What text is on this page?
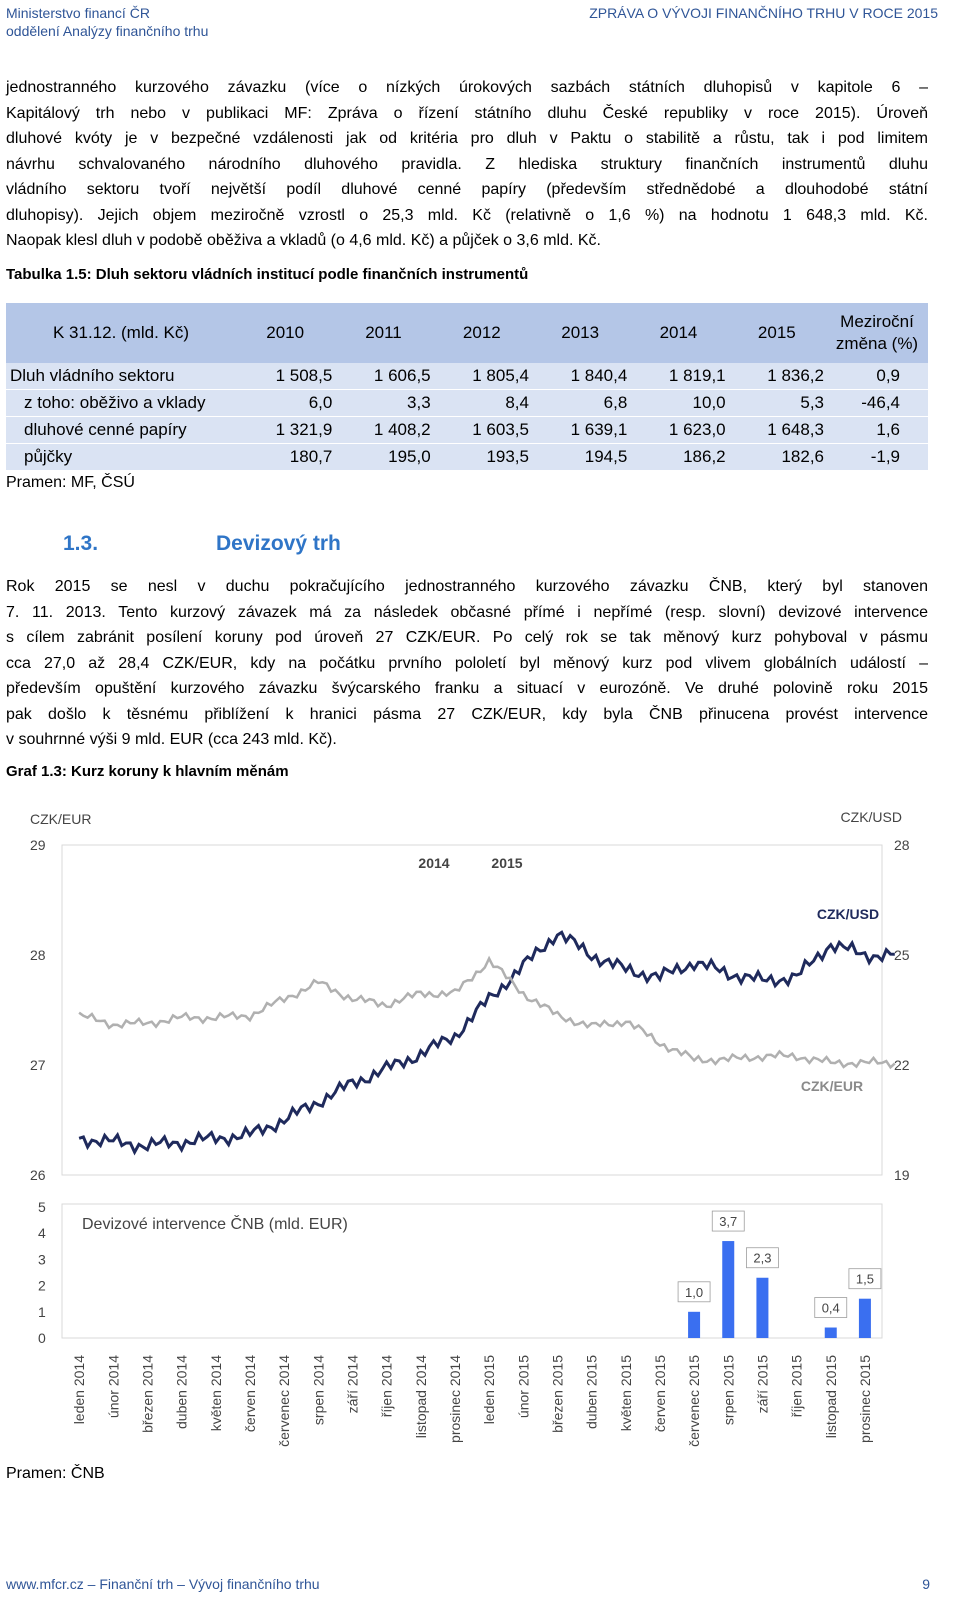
Ministerstvo financí ČR
oddělení Analýzy finančního trhu
ZPRÁVA O VÝVOJI FINANČNÍHO TRHU V ROCE 2015
jednostranného kurzového závazku (více o nízkých úrokových sazbách státních dluhopisů v kapitole 6 –
Kapitálový trh nebo v publikaci MF: Zpráva o řízení státního dluhu České republiky v roce 2015). Úroveň
dluhové kvóty je v bezpečné vzdálenosti jak od kritéria pro dluh v Paktu o stabilitě a růstu, tak i pod limitem
návrhu schvalovaného národního dluhového pravidla. Z hlediska struktury finančních instrumentů dluhu
vládního sektoru tvoří největší podíl dluhové cenné papíry (především střednědobé a dlouhodobé státní
dluhopisy). Jejich objem meziročně vzrostl o 25,3 mld. Kč (relativně o 1,6 %) na hodnotu 1 648,3 mld. Kč.
Naopak klesl dluh v podobě oběživa a vkladů (o 4,6 mld. Kč) a půjček o 3,6 mld. Kč.
Tabulka 1.5: Dluh sektoru vládních institucí podle finančních instrumentů
K 31.12. (mld. Kč)	2010	2011	2012	2013	2014	2015	Meziroční
změna (%)
Dluh vládního sektoru	1 508,5	1 606,5	1 805,4	1 840,4	1 819,1	1 836,2	0,9
z toho: oběživo a vklady	6,0	3,3	8,4	6,8	10,0	5,3	-46,4
dluhové cenné papíry	1 321,9	1 408,2	1 603,5	1 639,1	1 623,0	1 648,3	1,6
půjčky	180,7	195,0	193,5	194,5	186,2	182,6	-1,9
Pramen: MF, ČSÚ
1.3.	Devizový trh
Rok 2015 se nesl v duchu pokračujícího jednostranného kurzového závazku ČNB, který byl stanoven
7. 11. 2013. Tento kurzový závazek má za následek občasné přímé i nepřímé (resp. slovní) devizové intervence
s cílem zabránit posílení koruny pod úroveň 27 CZK/EUR. Po celý rok se tak měnový kurz pohyboval v pásmu
cca 27,0 až 28,4 CZK/EUR, kdy na počátku prvního pololetí byl měnový kurz pod vlivem globálních událostí –
především opuštění kurzového závazku švýcarského franku a situací v eurozóně. Ve druhé polovině roku 2015
pak došlo k těsnému přiblížení k hranici pásma 27 CZK/EUR, kdy byla ČNB přinucena provést intervence
v souhrnné výši 9 mld. EUR (cca 243 mld. Kč).
Graf 1.3: Kurz koruny k hlavním měnám
CZK/EUR	CZK/USD
29
28
27
26
28
25
22
19
2014	2015
CZK/USD
CZK/EUR
5
4
3
2
1
0
Devizové intervence ČNB (mld. EUR)
1,0
3,7
2,3
0,4
1,5
leden 2014 únor 2014 březen 2014 duben 2014 květen 2014 červen 2014 červenec 2014 srpen 2014 září 2014 říjen 2014 listopad 2014 prosinec 2014 leden 2015 únor 2015 březen 2015 duben 2015 květen 2015 červen 2015 červenec 2015 srpen 2015 září 2015 říjen 2015 listopad 2015 prosinec 2015
Pramen: ČNB
www.mfcr.cz – Finanční trh – Vývoj finančního trhu	9
